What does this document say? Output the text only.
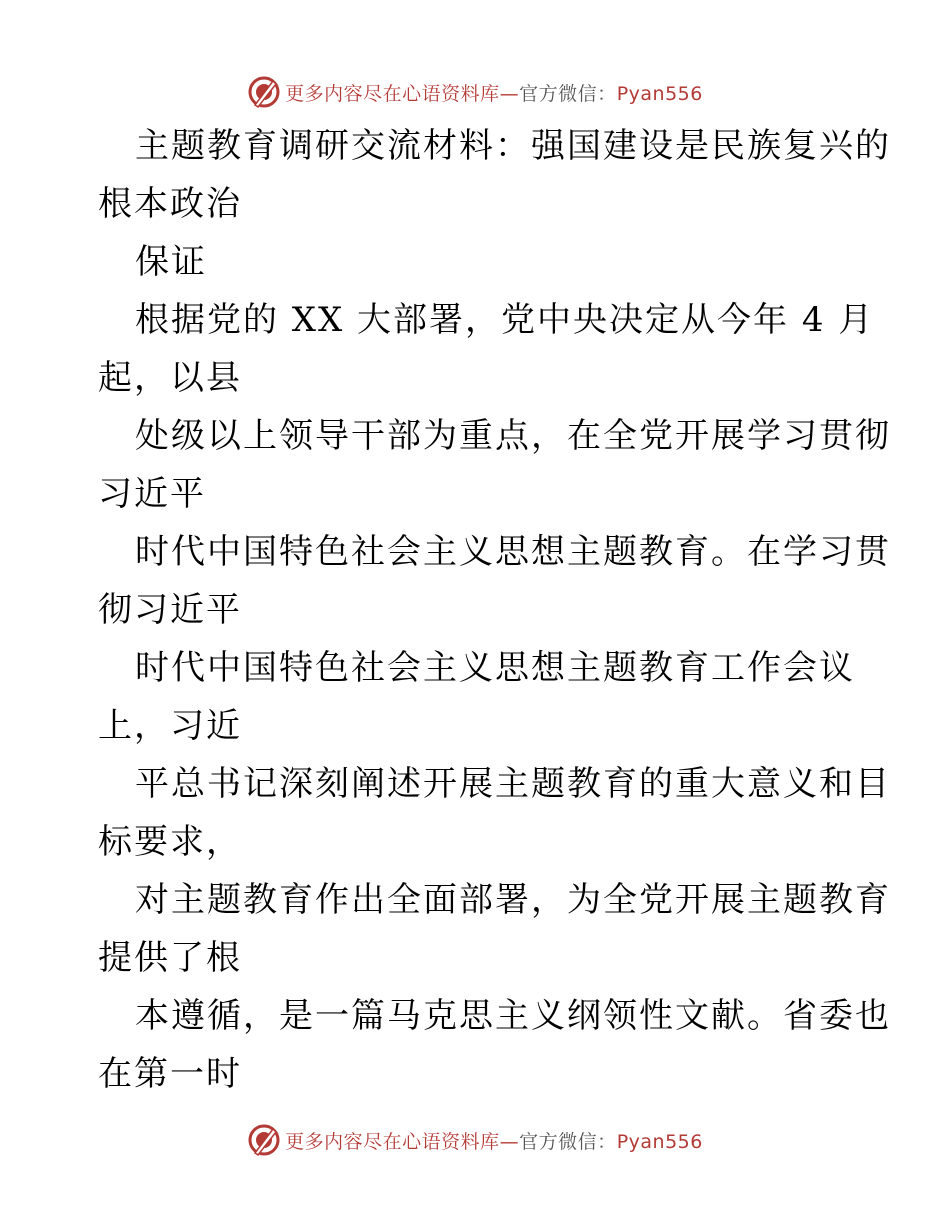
更多内容尽在心语资料库—官方微信：Pyan556
主题教育调研交流材料：强国建设是民族复兴的
根本政治
保证
根据党的 XX 大部署，党中央决定从今年 4 月
起，以县
处级以上领导干部为重点，在全党开展学习贯彻
习近平
时代中国特色社会主义思想主题教育。在学习贯
彻习近平
时代中国特色社会主义思想主题教育工作会议
上，习近
平总书记深刻阐述开展主题教育的重大意义和目
标要求，
对主题教育作出全面部署，为全党开展主题教育
提供了根
本遵循，是一篇马克思主义纲领性文献。省委也
在第一时
更多内容尽在心语资料库—官方微信：Pyan556
